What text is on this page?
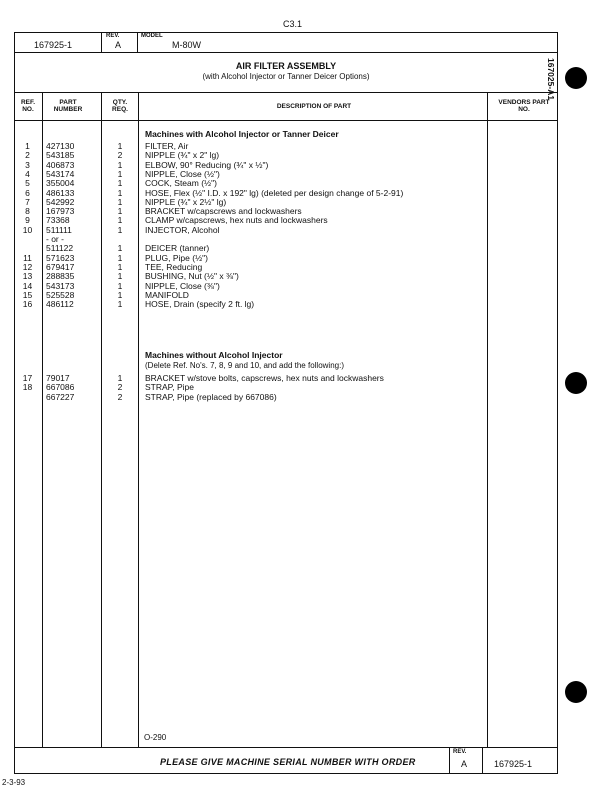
C3.1
167025-A1
167925-1
REV.
A
MODEL
M-80W
AIR FILTER ASSEMBLY
(with Alcohol Injector or Tanner Deicer Options)
REF. NO.
PART NUMBER
QTY. REQ.	DESCRIPTION OF PART
VENDORS PART NO.
Machines with Alcohol Injector or Tanner Deicer
1	427130	1	FILTER, Air
2	543185	2	NIPPLE (¾" x 2" lg)
3	406873	1	ELBOW, 90° Reducing (¾" x ½")
4	543174	1	NIPPLE, Close (½")
5	355004	1	COCK, Steam (½")
6	486133	1	HOSE, Flex (½" I.D. x 192" lg) (deleted per design change of 5-2-91)
7	542992	1	NIPPLE (¾" x 2½" lg)
8	167973	1	BRACKET w/capscrews and lockwashers
9	73368	1	CLAMP w/capscrews, hex nuts and lockwashers
10	511111	1	INJECTOR, Alcohol
- or -
511122	1	DEICER (tanner)
11	571623	1	PLUG, Pipe (½")
12	679417	1	TEE, Reducing
13	288835	1	BUSHING, Nut (½" x ⅜")
14	543173	1	NIPPLE, Close (⅜")
15	525528	1	MANIFOLD
16	486112	1	HOSE, Drain (specify 2 ft. lg)
Machines without Alcohol Injector
(Delete Ref. No's. 7, 8, 9 and 10, and add the following:)
17	79017	1	BRACKET w/stove bolts, capscrews, hex nuts and lockwashers
18	667086	2	STRAP, Pipe
667227	2	STRAP, Pipe (replaced by 667086)
O-290
PLEASE GIVE MACHINE SERIAL NUMBER WITH ORDER
REV.
A	167925-1
2-3-93
